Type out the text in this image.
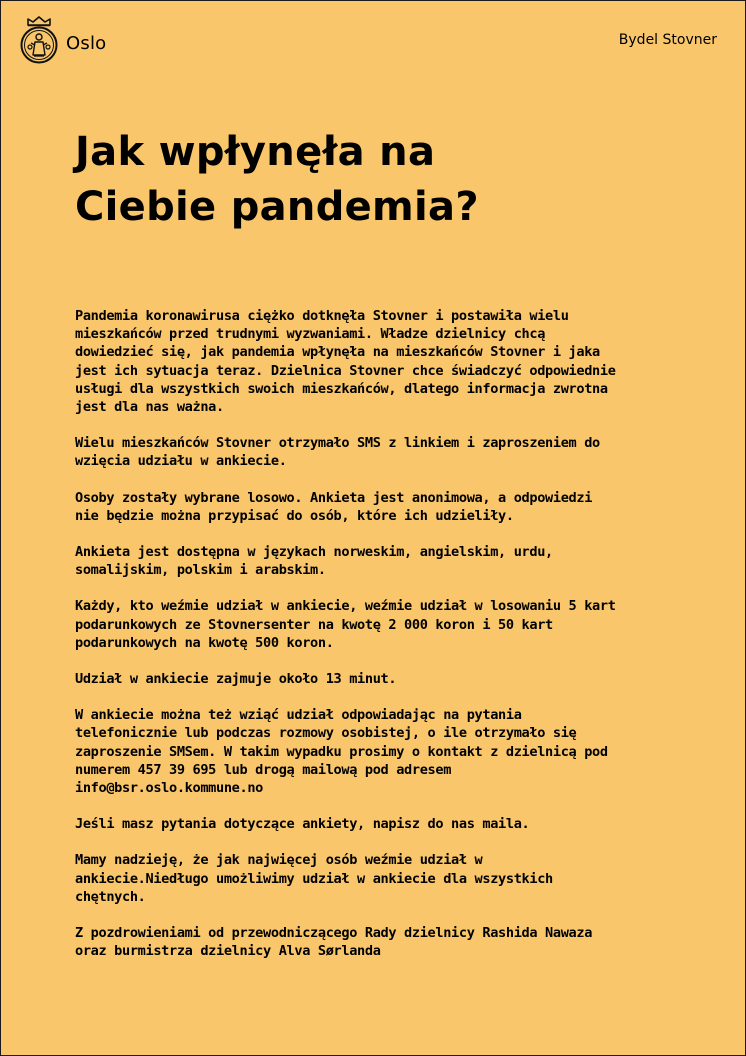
Oslo	Bydel Stovner
Jak wpłynęła na
Ciebie pandemia?

Pandemia koronawirusa ciężko dotknęła Stovner i postawiła wielu mieszkańców przed trudnymi wyzwaniami. Władze dzielnicy chcą dowiedzieć się, jak pandemia wpłynęła na mieszkańców Stovner i jaka jest ich sytuacja teraz. Dzielnica Stovner chce świadczyć odpowiednie usługi dla wszystkich swoich mieszkańców, dlatego informacja zwrotna jest dla nas ważna.

Wielu mieszkańców Stovner otrzymało SMS z linkiem i zaproszeniem do wzięcia udziału w ankiecie.

Osoby zostały wybrane losowo. Ankieta jest anonimowa, a odpowiedzi nie będzie można przypisać do osób, które ich udzieliły.

Ankieta jest dostępna w językach norweskim, angielskim, urdu, somalijskim, polskim i arabskim.

Każdy, kto weźmie udział w ankiecie, weźmie udział w losowaniu 5 kart podarunkowych ze Stovnersenter na kwotę 2 000 koron i 50 kart podarunkowych na kwotę 500 koron.

Udział w ankiecie zajmuje około 13 minut.

W ankiecie można też wziąć udział odpowiadając na pytania telefonicznie lub podczas rozmowy osobistej, o ile otrzymało się zaproszenie SMSem. W takim wypadku prosimy o kontakt z dzielnicą pod numerem 457 39 695 lub drogą mailową pod adresem info@bsr.oslo.kommune.no

Jeśli masz pytania dotyczące ankiety, napisz do nas maila.

Mamy nadzieję, że jak najwięcej osób weźmie udział w ankiecie.Niedługo umożliwimy udział w ankiecie dla wszystkich chętnych.

Z pozdrowieniami od przewodniczącego Rady dzielnicy Rashida Nawaza oraz burmistrza dzielnicy Alva Sørlanda
